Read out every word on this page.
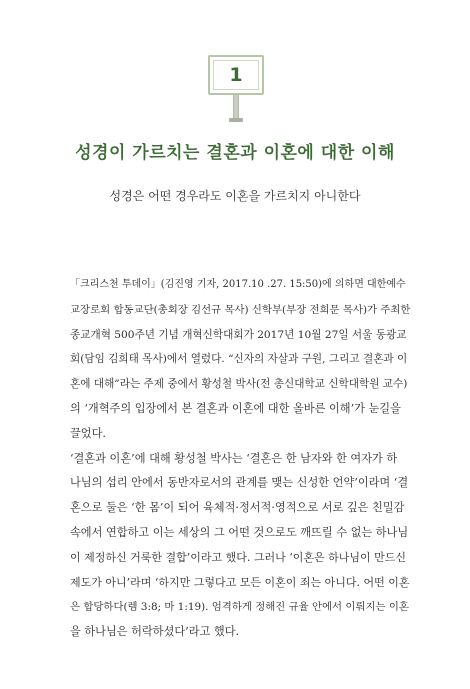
1
성경이 가르치는 결혼과 이혼에 대한 이해
성경은 어떤 경우라도 이혼을 가르치지 아니한다
「크리스천 투데이」(김진영 기자, 2017.10 .27. 15:50)에 의하면 대한예수
교장로회 합동교단(총회장 김선규 목사) 신학부(부장 전희문 목사)가 주최한
종교개혁 500주년 기념 개혁신학대회가 2017년 10월 27일 서울 동광교
회(담임 김희태 목사)에서 열렸다. “신자의 자살과 구원, 그리고 결혼과 이
혼에 대해”라는 주제 중에서 황성철 박사(전 총신대학교 신학대학원 교수)
의 ‘개혁주의 입장에서 본 결혼과 이혼에 대한 올바른 이해’가 눈길을
끌었다.
‘결혼과 이혼’에 대해 황성철 박사는 ‘결혼은 한 남자와 한 여자가 하
나님의 섭리 안에서 동반자로서의 관계를 맺는 신성한 언약’이라며 ‘결
혼으로 둘은 ‘한 몸’이 되어 육체적·정서적·영적으로 서로 깊은 친밀감
속에서 연합하고 이는 세상의 그 어떤 것으로도 깨뜨릴 수 없는 하나님
이 제정하신 거룩한 결합’이라고 했다. 그러나 ‘이혼은 하나님이 만드신
제도가 아니’라며 ‘하지만 그렇다고 모든 이혼이 죄는 아니다. 어떤 이혼
은 합당하다(렘 3:8; 마 1:19). 엄격하게 정해진 규율 안에서 이뤄지는 이혼
을 하나님은 허락하셨다’라고 했다.
